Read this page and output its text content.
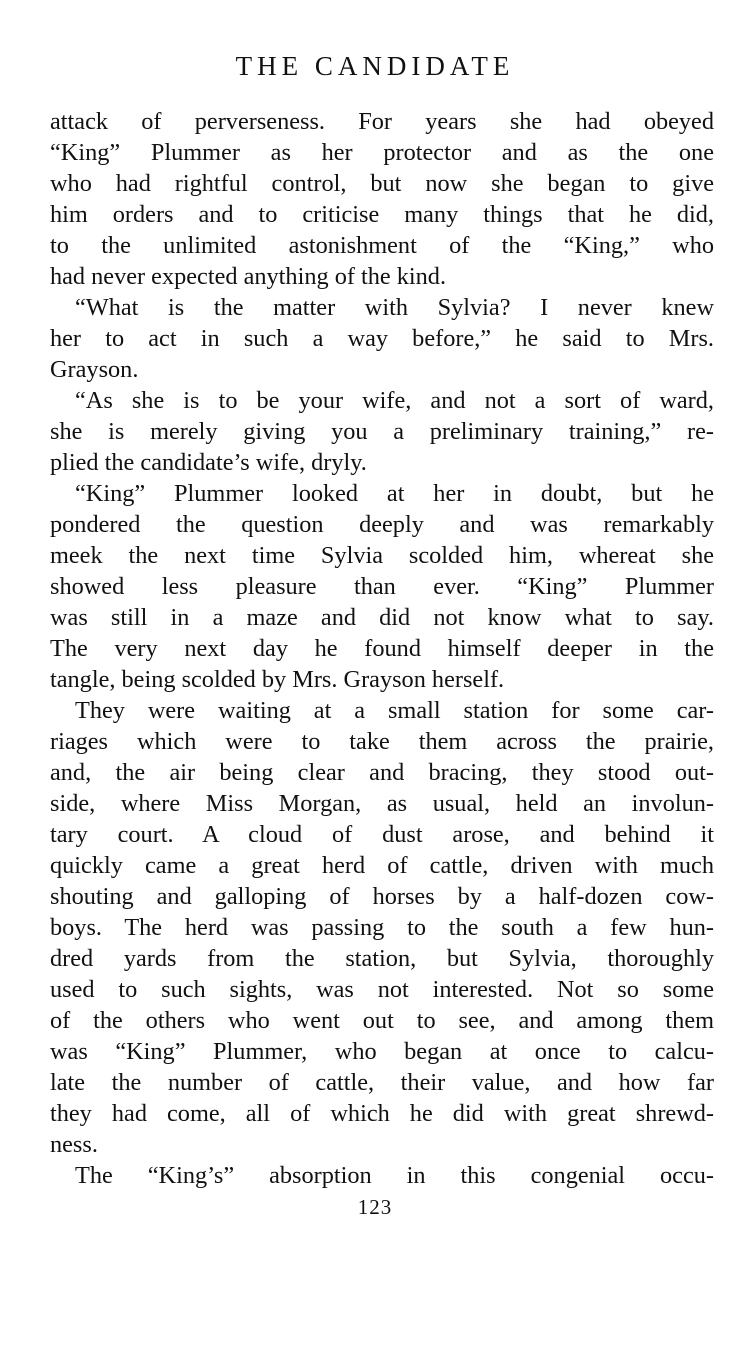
THE CANDIDATE
attack of perverseness. For years she had obeyed
“King” Plummer as her protector and as the one
who had rightful control, but now she began to give
him orders and to criticise many things that he did,
to the unlimited astonishment of the “King,” who
had never expected anything of the kind.
“What is the matter with Sylvia? I never knew
her to act in such a way before,” he said to Mrs.
Grayson.
“As she is to be your wife, and not a sort of ward,
she is merely giving you a preliminary training,” re-
plied the candidate’s wife, dryly.
“King” Plummer looked at her in doubt, but he
pondered the question deeply and was remarkably
meek the next time Sylvia scolded him, whereat she
showed less pleasure than ever. “King” Plummer
was still in a maze and did not know what to say.
The very next day he found himself deeper in the
tangle, being scolded by Mrs. Grayson herself.
They were waiting at a small station for some car-
riages which were to take them across the prairie,
and, the air being clear and bracing, they stood out-
side, where Miss Morgan, as usual, held an involun-
tary court. A cloud of dust arose, and behind it
quickly came a great herd of cattle, driven with much
shouting and galloping of horses by a half-dozen cow-
boys. The herd was passing to the south a few hun-
dred yards from the station, but Sylvia, thoroughly
used to such sights, was not interested. Not so some
of the others who went out to see, and among them
was “King” Plummer, who began at once to calcu-
late the number of cattle, their value, and how far
they had come, all of which he did with great shrewd-
ness.
The “King’s” absorption in this congenial occu-
123
